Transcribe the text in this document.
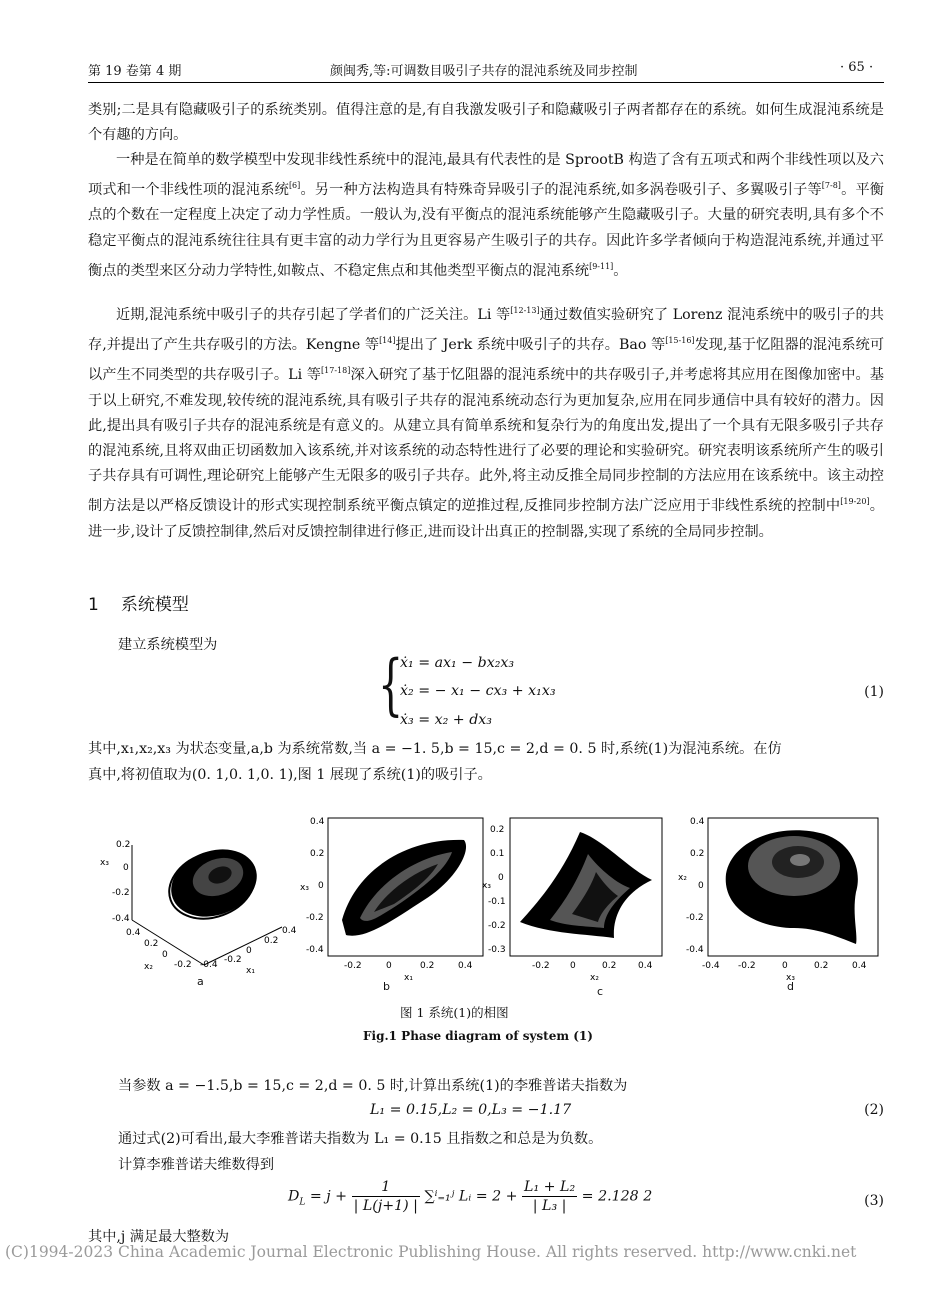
第 19 卷第 4 期	颜闽秀,等:可调数目吸引子共存的混沌系统及同步控制	· 65 ·

类别;二是具有隐藏吸引子的系统类别。值得注意的是,有自我激发吸引子和隐藏吸引子两者都存在的系统。如何生成混沌系统是个有趣的方向。

一种是在简单的数学模型中发现非线性系统中的混沌,最具有代表性的是 SprootB 构造了含有五项式和两个非线性项以及六项式和一个非线性项的混沌系统[6]。另一种方法构造具有特殊奇异吸引子的混沌系统,如多涡卷吸引子、多翼吸引子等[7-8]。平衡点的个数在一定程度上决定了动力学性质。一般认为,没有平衡点的混沌系统能够产生隐藏吸引子。大量的研究表明,具有多个不稳定平衡点的混沌系统往往具有更丰富的动力学行为且更容易产生吸引子的共存。因此许多学者倾向于构造混沌系统,并通过平衡点的类型来区分动力学特性,如鞍点、不稳定焦点和其他类型平衡点的混沌系统[9-11]。

近期,混沌系统中吸引子的共存引起了学者们的广泛关注。Li 等[12-13]通过数值实验研究了 Lorenz 混沌系统中的吸引子的共存,并提出了产生共存吸引的方法。Kengne 等[14]提出了 Jerk 系统中吸引子的共存。Bao 等[15-16]发现,基于忆阻器的混沌系统可以产生不同类型的共存吸引子。Li 等[17-18]深入研究了基于忆阻器的混沌系统中的共存吸引子,并考虑将其应用在图像加密中。基于以上研究,不难发现,较传统的混沌系统,具有吸引子共存的混沌系统动态行为更加复杂,应用在同步通信中具有较好的潜力。因此,提出具有吸引子共存的混沌系统是有意义的。从建立具有简单系统和复杂行为的角度出发,提出了一个具有无限多吸引子共存的混沌系统,且将双曲正切函数加入该系统,并对该系统的动态特性进行了必要的理论和实验研究。研究表明该系统所产生的吸引子共存具有可调性,理论研究上能够产生无限多的吸引子共存。此外,将主动反推全局同步控制的方法应用在该系统中。该主动控制方法是以严格反馈设计的形式实现控制系统平衡点镇定的逆推过程,反推同步控制方法广泛应用于非线性系统的控制中[19-20]。进一步,设计了反馈控制律,然后对反馈控制律进行修正,进而设计出真正的控制器,实现了系统的全局同步控制。

1 系统模型
建立系统模型为
{
ẋ₁ = ax₁ − bx₂x₃
ẋ₂ = − x₁ − cx₃ + x₁x₃
ẋ₃ = x₂ + dx₃
(1)
其中,x₁,x₂,x₃ 为状态变量,a,b 为系统常数,当 a = −1. 5,b = 15,c = 2,d = 0. 5 时,系统(1)为混沌系统。在仿
真中,将初值取为(0. 1,0. 1,0. 1),图 1 展现了系统(1)的吸引子。
x₃
0.2
0
-0.2
-0.4
0.4
0.2
0
-0.2
x₂
0.4
0.2
0
-0.2
-0.4
x₁
a
0.4
0.2
0
-0.2
-0.4
x₃
-0.2	0	0.2	0.4
x₁
b
0.2
0.1
0
-0.1
-0.2
-0.3
x₃
-0.2 0	0.2 0.4
x₂
c
0.4
0.2
0
-0.2
-0.4
x₂
-0.4 -0.2	0	0.2	0.4
x₃
d
图 1 系统(1)的相图
Fig.1 Phase diagram of system (1)
当参数 a = −1.5,b = 15,c = 2,d = 0. 5 时,计算出系统(1)的李雅普诺夫指数为
L₁ = 0.15,L₂ = 0,L₃ = −1.17	(2)
通过式(2)可看出,最大李雅普诺夫指数为 L₁ = 0.15 且指数之和总是为负数。
计算李雅普诺夫维数得到
$D_L = j + \frac{1}{| L(j+1) |}$ ∑ⁱ₌₁ʲ Lᵢ = $2 + \frac{\text{L₁ + L₂}}{\text{| L₃ |}} = 2.128$ 2	(3)
其中,j 满足最大整数为
(C)1994-2023 China Academic Journal Electronic Publishing House. All rights reserved. http://www.cnki.net
